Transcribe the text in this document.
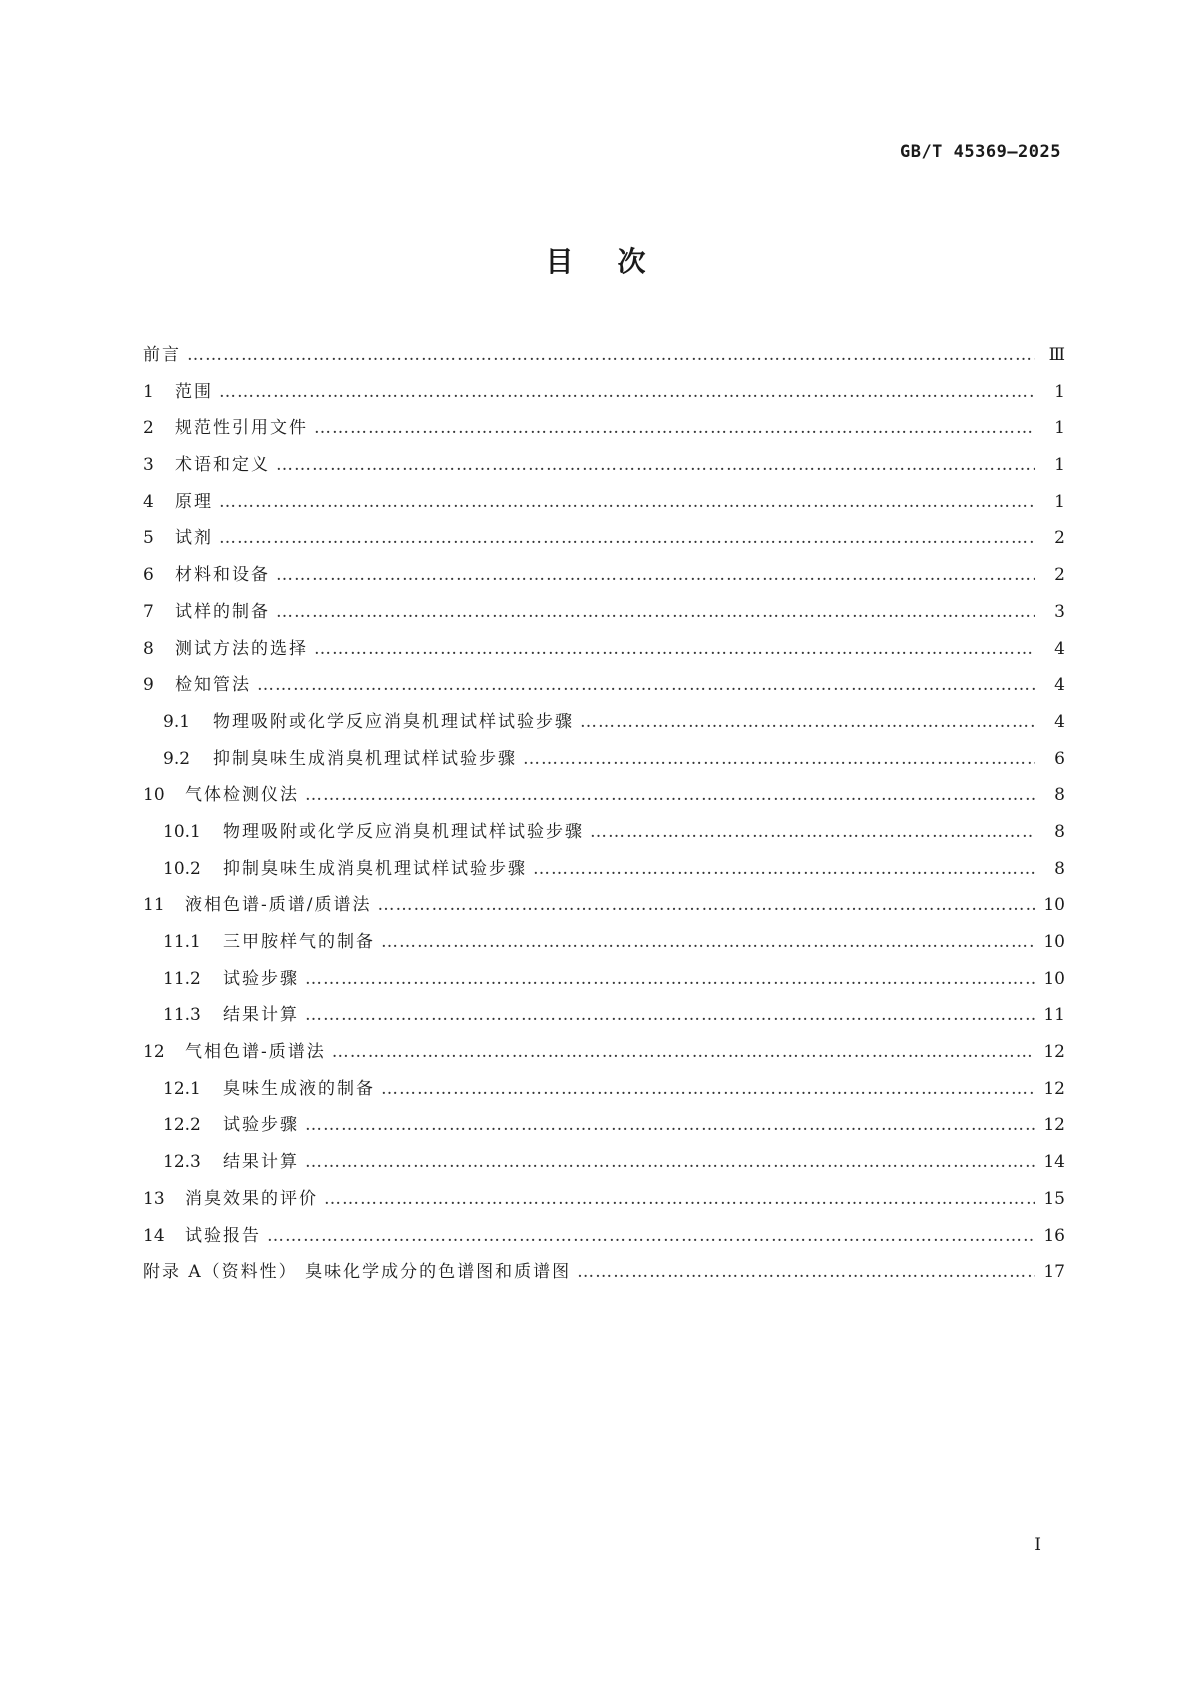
GB/T 45369—2025
目次
前言 ……………………………………………………………………………………………………………………………………………………………………………………………………………………………………	Ⅲ
1	范围 ……………………………………………………………………………………………………………………………………………………………………………………………………………………………………	1
2	规范性引用文件 ……………………………………………………………………………………………………………………………………………………………………………………………………………………………………	1
3	术语和定义 ……………………………………………………………………………………………………………………………………………………………………………………………………………………………………	1
4	原理 ……………………………………………………………………………………………………………………………………………………………………………………………………………………………………	1
5	试剂 ……………………………………………………………………………………………………………………………………………………………………………………………………………………………………	2
6	材料和设备 ……………………………………………………………………………………………………………………………………………………………………………………………………………………………………	2
7	试样的制备 ……………………………………………………………………………………………………………………………………………………………………………………………………………………………………	3
8	测试方法的选择 ……………………………………………………………………………………………………………………………………………………………………………………………………………………………………	4
9	检知管法 ……………………………………………………………………………………………………………………………………………………………………………………………………………………………………	4
9.1	物理吸附或化学反应消臭机理试样试验步骤 ……………………………………………………………………………………………………………………………………………………………………………………………………………………………………	4
9.2	抑制臭味生成消臭机理试样试验步骤 ……………………………………………………………………………………………………………………………………………………………………………………………………………………………………	6
10	气体检测仪法 ……………………………………………………………………………………………………………………………………………………………………………………………………………………………………	8
10.1	物理吸附或化学反应消臭机理试样试验步骤 ……………………………………………………………………………………………………………………………………………………………………………………………………………………………………	8
10.2	抑制臭味生成消臭机理试样试验步骤 ……………………………………………………………………………………………………………………………………………………………………………………………………………………………………	8
11	液相色谱-质谱/质谱法 ……………………………………………………………………………………………………………………………………………………………………………………………………………………………………	10
11.1	三甲胺样气的制备 ……………………………………………………………………………………………………………………………………………………………………………………………………………………………………	10
11.2	试验步骤 ……………………………………………………………………………………………………………………………………………………………………………………………………………………………………	10
11.3	结果计算 ……………………………………………………………………………………………………………………………………………………………………………………………………………………………………	11
12	气相色谱-质谱法 ……………………………………………………………………………………………………………………………………………………………………………………………………………………………………	12
12.1	臭味生成液的制备 ……………………………………………………………………………………………………………………………………………………………………………………………………………………………………	12
12.2	试验步骤 ……………………………………………………………………………………………………………………………………………………………………………………………………………………………………	12
12.3	结果计算 ……………………………………………………………………………………………………………………………………………………………………………………………………………………………………	14
13	消臭效果的评价 ……………………………………………………………………………………………………………………………………………………………………………………………………………………………………	15
14	试验报告 ……………………………………………………………………………………………………………………………………………………………………………………………………………………………………	16
附录 A（资料性） 臭味化学成分的色谱图和质谱图 ……………………………………………………………………………………………………………………………………………………………………………………………………………………………………	17
I
